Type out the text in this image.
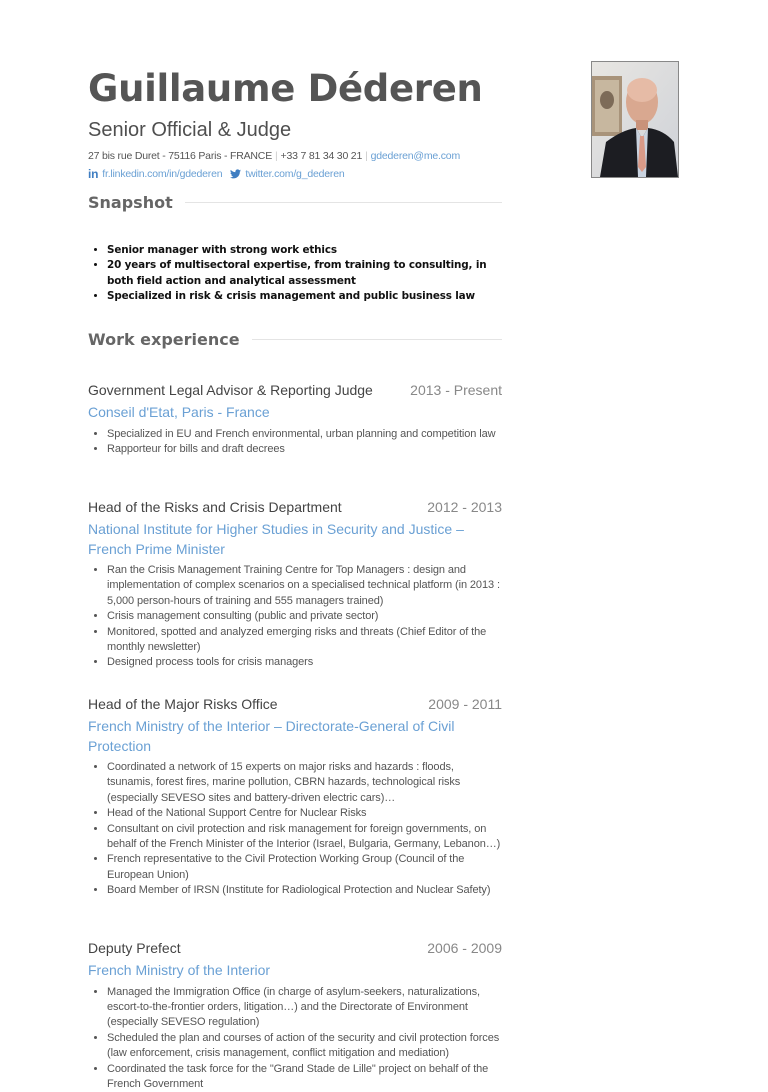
Guillaume Déderen
Senior Official & Judge
27 bis rue Duret - 75116 Paris - FRANCE | +33 7 81 34 30 21 | gdederen@me.com
in fr.linkedin.com/in/gdederen twitter.com/g_dederen
Snapshot
• Senior manager with strong work ethics
• 20 years of multisectoral expertise, from training to consulting, in both field action and analytical assessment
• Specialized in risk & crisis management and public business law
Work experience
Government Legal Advisor & Reporting Judge	2013 - Present
Conseil d'Etat, Paris - France
• Specialized in EU and French environmental, urban planning and competition law
• Rapporteur for bills and draft decrees
Head of the Risks and Crisis Department	2012 - 2013
National Institute for Higher Studies in Security and Justice – French Prime Minister
• Ran the Crisis Management Training Centre for Top Managers : design and implementation of complex scenarios on a specialised technical platform (in 2013 : 5,000 person-hours of training and 555 managers trained)
• Crisis management consulting (public and private sector)
• Monitored, spotted and analyzed emerging risks and threats (Chief Editor of the monthly newsletter)
• Designed process tools for crisis managers
Head of the Major Risks Office	2009 - 2011
French Ministry of the Interior – Directorate-General of Civil Protection
• Coordinated a network of 15 experts on major risks and hazards : floods, tsunamis, forest fires, marine pollution, CBRN hazards, technological risks (especially SEVESO sites and battery-driven electric cars)…
• Head of the National Support Centre for Nuclear Risks
• Consultant on civil protection and risk management for foreign governments, on behalf of the French Minister of the Interior (Israel, Bulgaria, Germany, Lebanon…)
• French representative to the Civil Protection Working Group (Council of the European Union)
• Board Member of IRSN (Institute for Radiological Protection and Nuclear Safety)
Deputy Prefect	2006 - 2009
French Ministry of the Interior
• Managed the Immigration Office (in charge of asylum-seekers, naturalizations, escort-to-the-frontier orders, litigation…) and the Directorate of Environment (especially SEVESO regulation)
• Scheduled the plan and courses of action of the security and civil protection forces (law enforcement, crisis management, conflict mitigation and mediation)
• Coordinated the task force for the "Grand Stade de Lille" project on behalf of the French Government
